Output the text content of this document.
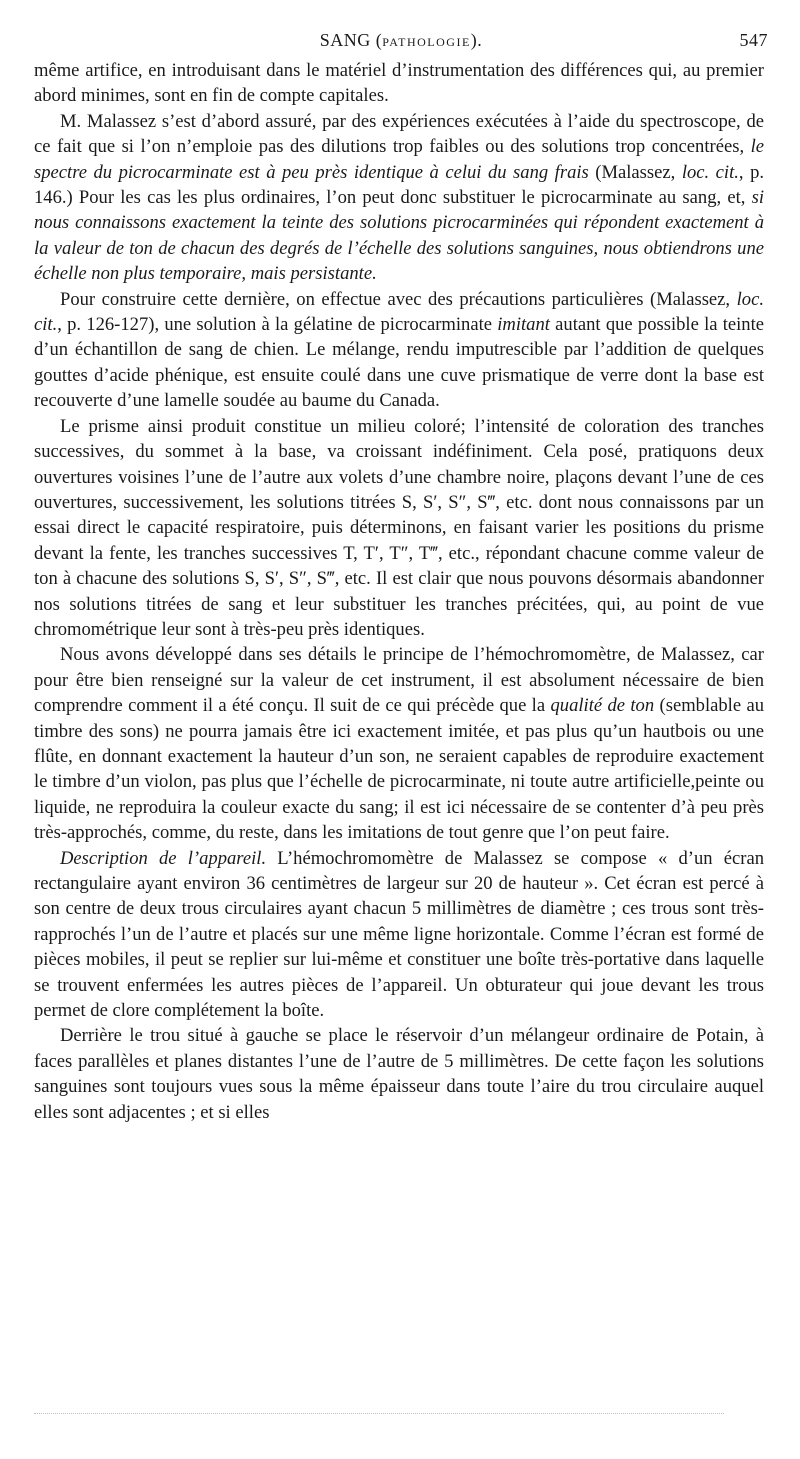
SANG (PATHOLOGIE).	547

même artifice, en introduisant dans le matériel d’instrumentation des différences qui, au premier abord minimes, sont en fin de compte capitales.

M. Malassez s’est d’abord assuré, par des expériences exécutées à l’aide du spectroscope, de ce fait que si l’on n’emploie pas des dilutions trop faibles ou des solutions trop concentrées, le spectre du picrocarminate est à peu près identique à celui du sang frais (Malassez, loc. cit., p. 146.) Pour les cas les plus ordinaires, l’on peut donc substituer le picrocarminate au sang, et, si nous connaissons exactement la teinte des solutions picrocarminées qui répondent exactement à la valeur de ton de chacun des degrés de l’échelle des solutions sanguines, nous obtiendrons une échelle non plus temporaire, mais persistante.

Pour construire cette dernière, on effectue avec des précautions particulières (Malassez, loc. cit., p. 126-127), une solution à la gélatine de picrocarminate imitant autant que possible la teinte d’un échantillon de sang de chien. Le mélange, rendu imputrescible par l’addition de quelques gouttes d’acide phénique, est ensuite coulé dans une cuve prismatique de verre dont la base est recouverte d’une lamelle soudée au baume du Canada.

Le prisme ainsi produit constitue un milieu coloré; l’intensité de coloration des tranches successives, du sommet à la base, va croissant indéfiniment. Cela posé, pratiquons deux ouvertures voisines l’une de l’autre aux volets d’une chambre noire, plaçons devant l’une de ces ouvertures, successivement, les solutions titrées S, S′, S″, S‴, etc. dont nous connaissons par un essai direct le capacité respiratoire, puis déterminons, en faisant varier les positions du prisme devant la fente, les tranches successives T, T′, T″, T‴, etc., répondant chacune comme valeur de ton à chacune des solutions S, S′, S″, S‴, etc. Il est clair que nous pouvons désormais abandonner nos solutions titrées de sang et leur substituer les tranches précitées, qui, au point de vue chromométrique leur sont à très-peu près identiques.

Nous avons développé dans ses détails le principe de l’hémochromomètre, de Malassez, car pour être bien renseigné sur la valeur de cet instrument, il est absolument nécessaire de bien comprendre comment il a été conçu. Il suit de ce qui précède que la qualité de ton (semblable au timbre des sons) ne pourra jamais être ici exactement imitée, et pas plus qu’un hautbois ou une flûte, en donnant exactement la hauteur d’un son, ne seraient capables de reproduire exactement le timbre d’un violon, pas plus que l’échelle de picrocarminate, ni toute autre artificielle,peinte ou liquide, ne reproduira la couleur exacte du sang; il est ici nécessaire de se contenter d’à peu près très-approchés, comme, du reste, dans les imitations de tout genre que l’on peut faire.

Description de l’appareil. L’hémochromomètre de Malassez se compose « d’un écran rectangulaire ayant environ 36 centimètres de largeur sur 20 de hauteur ». Cet écran est percé à son centre de deux trous circulaires ayant chacun 5 millimètres de diamètre ; ces trous sont très-rapprochés l’un de l’autre et placés sur une même ligne horizontale. Comme l’écran est formé de pièces mobiles, il peut se replier sur lui-même et constituer une boîte très-portative dans laquelle se trouvent enfermées les autres pièces de l’appareil. Un obturateur qui joue devant les trous permet de clore complétement la boîte.

Derrière le trou situé à gauche se place le réservoir d’un mélangeur ordinaire de Potain, à faces parallèles et planes distantes l’une de l’autre de 5 millimètres. De cette façon les solutions sanguines sont toujours vues sous la même épaisseur dans toute l’aire du trou circulaire auquel elles sont adjacentes ; et si elles
